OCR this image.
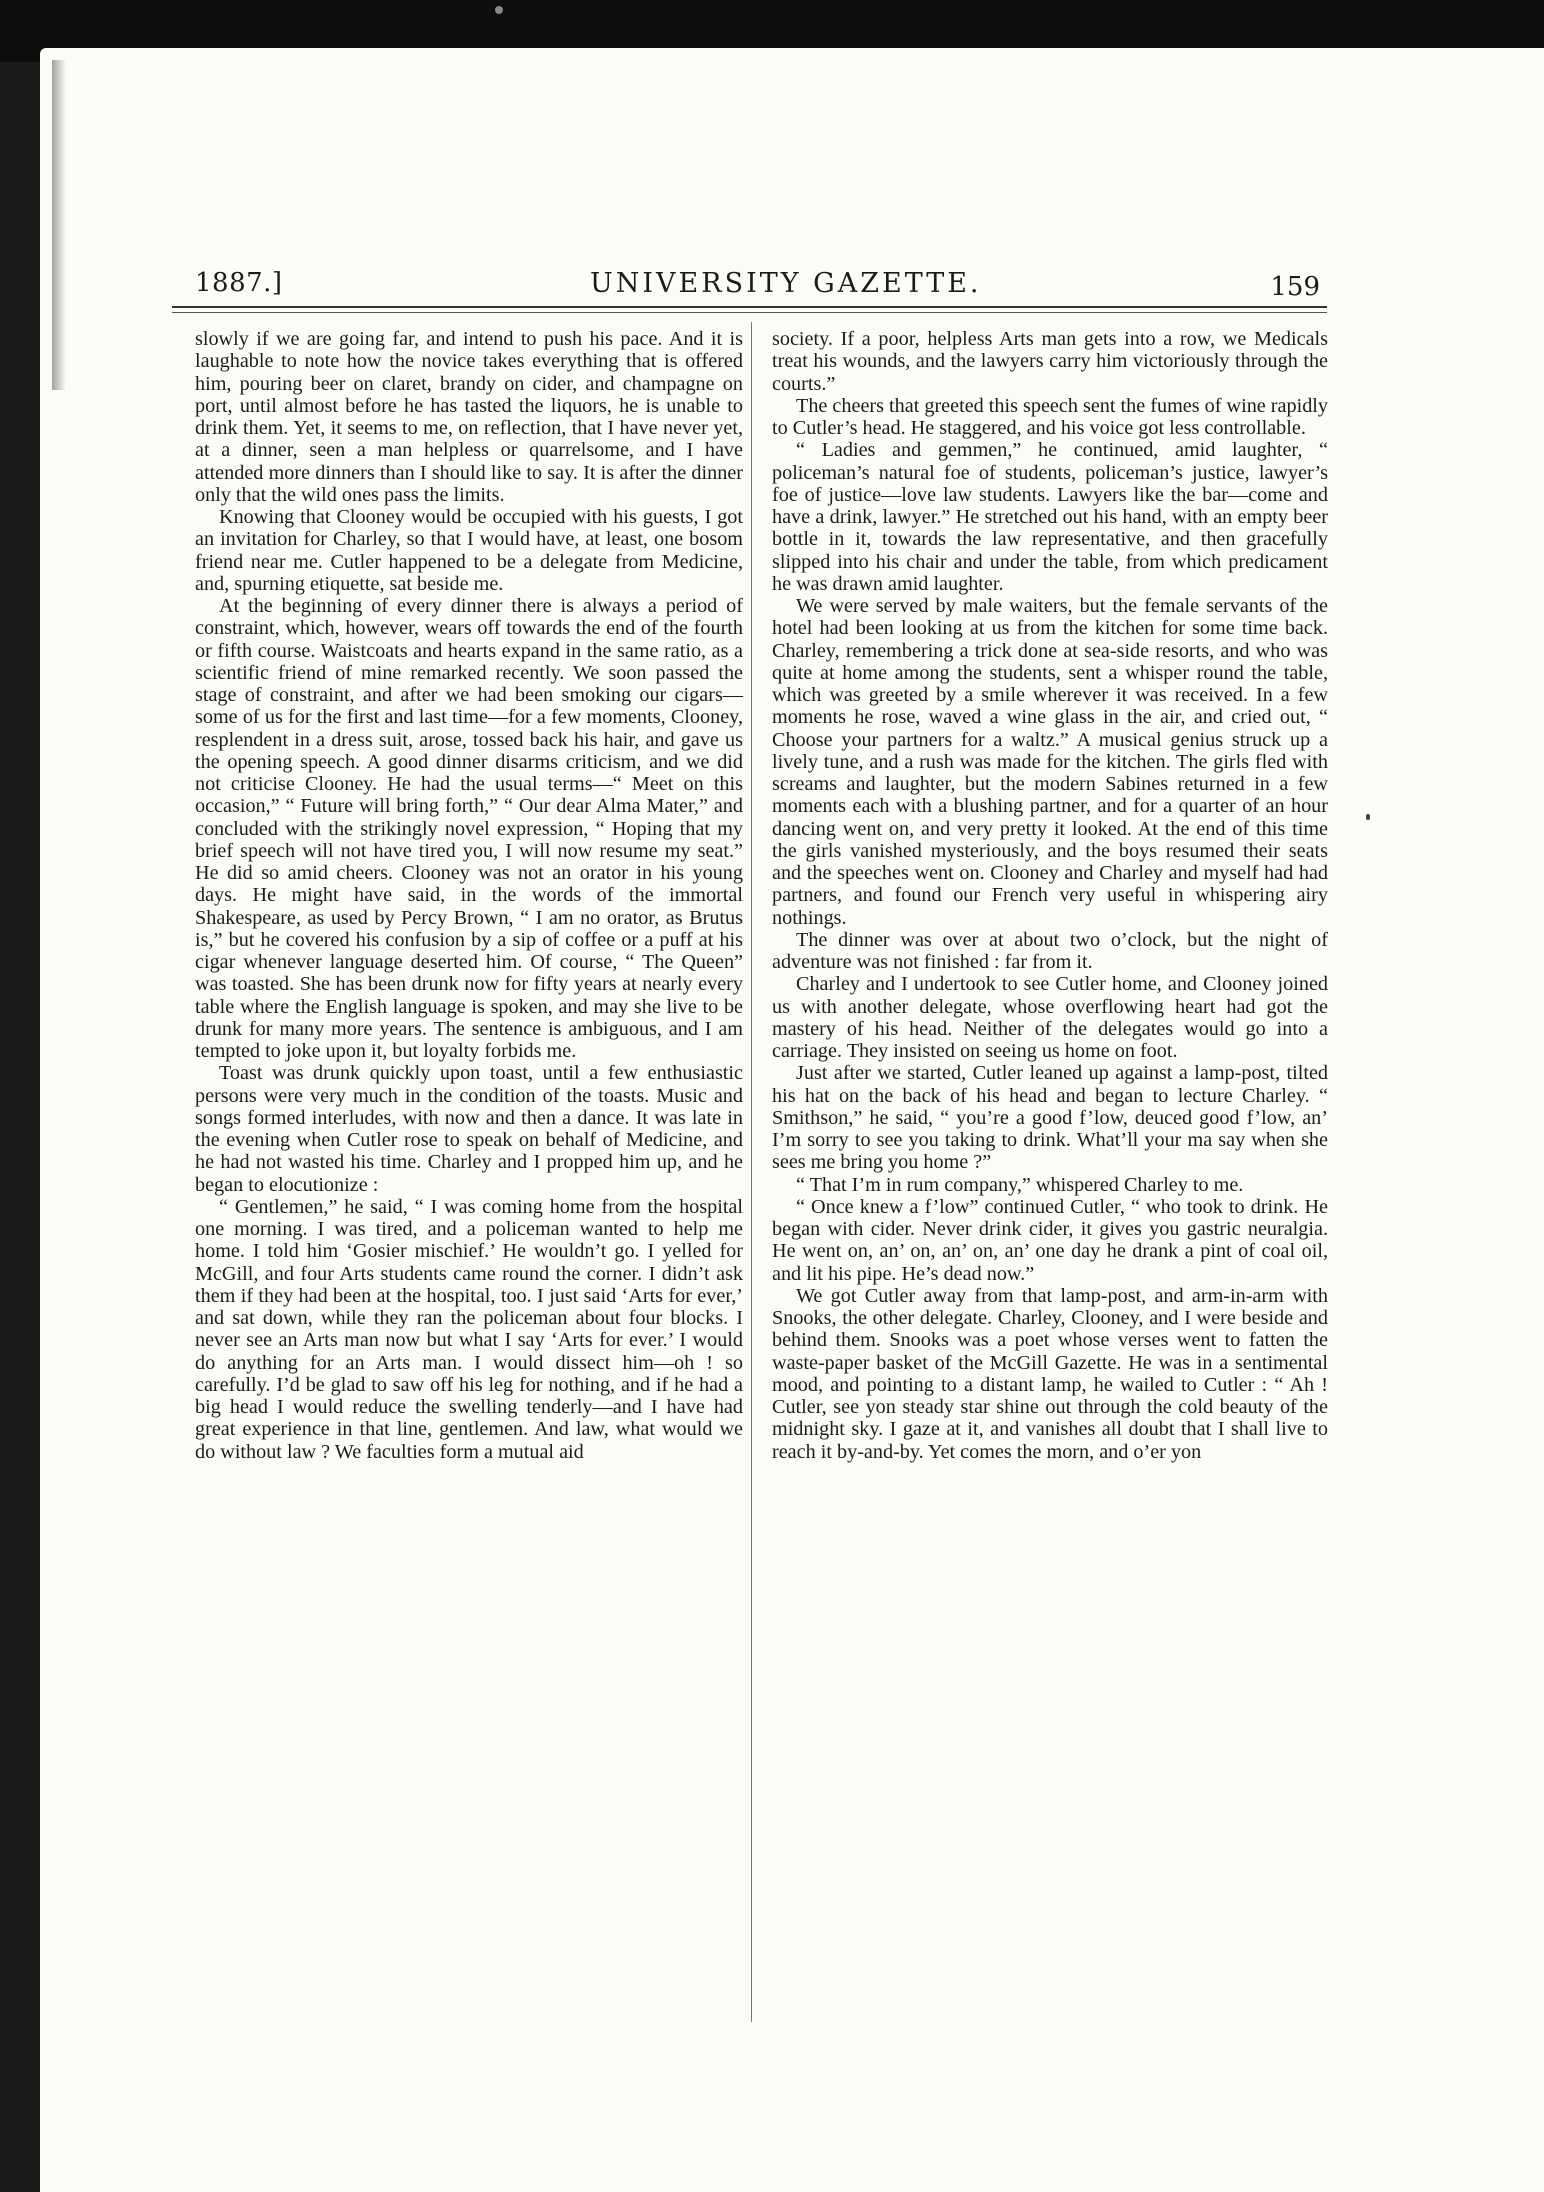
1887.]	UNIVERSITY GAZETTE.	159

slowly if we are going far, and intend to push his pace. And it is laughable to note how the novice takes everything that is offered him, pouring beer on claret, brandy on cider, and champagne on port, until almost before he has tasted the liquors, he is unable to drink them. Yet, it seems to me, on reflection, that I have never yet, at a dinner, seen a man helpless or quarrelsome, and I have attended more dinners than I should like to say. It is after the dinner only that the wild ones pass the limits.

Knowing that Clooney would be occupied with his guests, I got an invitation for Charley, so that I would have, at least, one bosom friend near me. Cutler happened to be a delegate from Medicine, and, spurning etiquette, sat beside me.

At the beginning of every dinner there is always a period of constraint, which, however, wears off towards the end of the fourth or fifth course. Waistcoats and hearts expand in the same ratio, as a scientific friend of mine remarked recently. We soon passed the stage of constraint, and after we had been smoking our cigars—some of us for the first and last time—for a few moments, Clooney, resplendent in a dress suit, arose, tossed back his hair, and gave us the opening speech. A good dinner disarms criticism, and we did not criticise Clooney. He had the usual terms—“ Meet on this occasion,” “ Future will bring forth,” “ Our dear Alma Mater,” and concluded with the strikingly novel expression, “ Hoping that my brief speech will not have tired you, I will now resume my seat.” He did so amid cheers. Clooney was not an orator in his young days. He might have said, in the words of the immortal Shakespeare, as used by Percy Brown, “ I am no orator, as Brutus is,” but he covered his confusion by a sip of coffee or a puff at his cigar whenever language deserted him. Of course, “ The Queen” was toasted. She has been drunk now for fifty years at nearly every table where the English language is spoken, and may she live to be drunk for many more years. The sentence is ambiguous, and I am tempted to joke upon it, but loyalty forbids me.

Toast was drunk quickly upon toast, until a few enthusiastic persons were very much in the condition of the toasts. Music and songs formed interludes, with now and then a dance. It was late in the evening when Cutler rose to speak on behalf of Medicine, and he had not wasted his time. Charley and I propped him up, and he began to elocutionize :

“ Gentlemen,” he said, “ I was coming home from the hospital one morning. I was tired, and a policeman wanted to help me home. I told him ‘Gosier mischief.’ He wouldn’t go. I yelled for McGill, and four Arts students came round the corner. I didn’t ask them if they had been at the hospital, too. I just said ‘Arts for ever,’ and sat down, while they ran the policeman about four blocks. I never see an Arts man now but what I say ‘Arts for ever.’ I would do anything for an Arts man. I would dissect him—oh ! so carefully. I’d be glad to saw off his leg for nothing, and if he had a big head I would reduce the swelling tenderly—and I have had great experience in that line, gentlemen. And law, what would we do without law ? We faculties form a mutual aid

society. If a poor, helpless Arts man gets into a row, we Medicals treat his wounds, and the lawyers carry him victoriously through the courts.”

The cheers that greeted this speech sent the fumes of wine rapidly to Cutler’s head. He staggered, and his voice got less controllable.

“ Ladies and gemmen,” he continued, amid laughter, “ policeman’s natural foe of students, policeman’s justice, lawyer’s foe of justice—love law students. Lawyers like the bar—come and have a drink, lawyer.” He stretched out his hand, with an empty beer bottle in it, towards the law representative, and then gracefully slipped into his chair and under the table, from which predicament he was drawn amid laughter.

We were served by male waiters, but the female servants of the hotel had been looking at us from the kitchen for some time back. Charley, remembering a trick done at sea-side resorts, and who was quite at home among the students, sent a whisper round the table, which was greeted by a smile wherever it was received. In a few moments he rose, waved a wine glass in the air, and cried out, “ Choose your partners for a waltz.” A musical genius struck up a lively tune, and a rush was made for the kitchen. The girls fled with screams and laughter, but the modern Sabines returned in a few moments each with a blushing partner, and for a quarter of an hour dancing went on, and very pretty it looked. At the end of this time the girls vanished mysteriously, and the boys resumed their seats and the speeches went on. Clooney and Charley and myself had had partners, and found our French very useful in whispering airy nothings.

The dinner was over at about two o’clock, but the night of adventure was not finished : far from it.

Charley and I undertook to see Cutler home, and Clooney joined us with another delegate, whose overflowing heart had got the mastery of his head. Neither of the delegates would go into a carriage. They insisted on seeing us home on foot.

Just after we started, Cutler leaned up against a lamp-post, tilted his hat on the back of his head and began to lecture Charley. “ Smithson,” he said, “ you’re a good f’low, deuced good f’low, an’ I’m sorry to see you taking to drink. What’ll your ma say when she sees me bring you home ?”

“ That I’m in rum company,” whispered Charley to me.

“ Once knew a f’low” continued Cutler, “ who took to drink. He began with cider. Never drink cider, it gives you gastric neuralgia. He went on, an’ on, an’ on, an’ one day he drank a pint of coal oil, and lit his pipe. He’s dead now.”

We got Cutler away from that lamp-post, and arm-in-arm with Snooks, the other delegate. Charley, Clooney, and I were beside and behind them. Snooks was a poet whose verses went to fatten the waste-paper basket of the McGill Gazette. He was in a sentimental mood, and pointing to a distant lamp, he wailed to Cutler : “ Ah ! Cutler, see yon steady star shine out through the cold beauty of the midnight sky. I gaze at it, and vanishes all doubt that I shall live to reach it by-and-by. Yet comes the morn, and o’er yon
